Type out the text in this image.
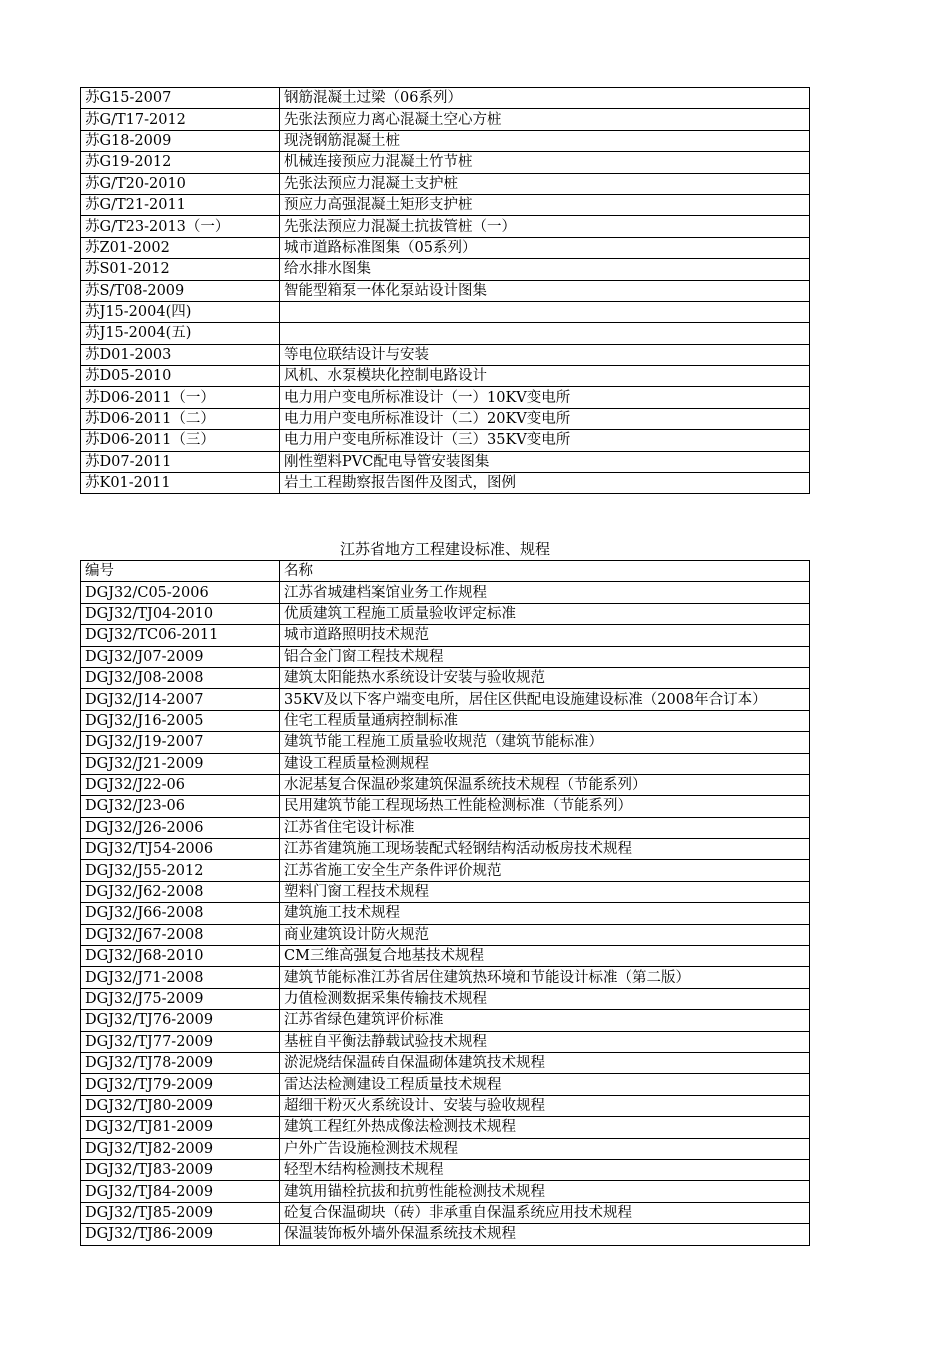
苏G15-2007	钢筋混凝土过梁（06系列）
苏G/T17-2012	先张法预应力离心混凝土空心方桩
苏G18-2009	现浇钢筋混凝土桩
苏G19-2012	机械连接预应力混凝土竹节桩
苏G/T20-2010	先张法预应力混凝土支护桩
苏G/T21-2011	预应力高强混凝土矩形支护桩
苏G/T23-2013（一）	先张法预应力混凝土抗拔管桩（一）
苏Z01-2002	城市道路标准图集（05系列）
苏S01-2012	给水排水图集
苏S/T08-2009	智能型箱泵一体化泵站设计图集
苏J15-2004(四)	
苏J15-2004(五)	
苏D01-2003	等电位联结设计与安装
苏D05-2010	风机、水泵模块化控制电路设计
苏D06-2011（一）	电力用户变电所标准设计（一）10KV变电所
苏D06-2011（二）	电力用户变电所标准设计（二）20KV变电所
苏D06-2011（三）	电力用户变电所标准设计（三）35KV变电所
苏D07-2011	刚性塑料PVC配电导管安装图集
苏K01-2011	岩土工程勘察报告图件及图式，图例
江苏省地方工程建设标准、规程
编号	名称
DGJ32/C05-2006	江苏省城建档案馆业务工作规程
DGJ32/TJ04-2010	优质建筑工程施工质量验收评定标准
DGJ32/TC06-2011	城市道路照明技术规范
DGJ32/J07-2009	铝合金门窗工程技术规程
DGJ32/J08-2008	建筑太阳能热水系统设计安装与验收规范
DGJ32/J14-2007	35KV及以下客户端变电所，居住区供配电设施建设标准（2008年合订本）
DGJ32/J16-2005	住宅工程质量通病控制标准
DGJ32/J19-2007	建筑节能工程施工质量验收规范（建筑节能标准）
DGJ32/J21-2009	建设工程质量检测规程
DGJ32/J22-06	水泥基复合保温砂浆建筑保温系统技术规程（节能系列）
DGJ32/J23-06	民用建筑节能工程现场热工性能检测标准（节能系列）
DGJ32/J26-2006	江苏省住宅设计标准
DGJ32/TJ54-2006	江苏省建筑施工现场装配式轻钢结构活动板房技术规程
DGJ32/J55-2012	江苏省施工安全生产条件评价规范
DGJ32/J62-2008	塑料门窗工程技术规程
DGJ32/J66-2008	建筑施工技术规程
DGJ32/J67-2008	商业建筑设计防火规范
DGJ32/J68-2010	CM三维高强复合地基技术规程
DGJ32/J71-2008	建筑节能标准江苏省居住建筑热环境和节能设计标准（第二版）
DGJ32/J75-2009	力值检测数据采集传输技术规程
DGJ32/TJ76-2009	江苏省绿色建筑评价标准
DGJ32/TJ77-2009	基桩自平衡法静载试验技术规程
DGJ32/TJ78-2009	淤泥烧结保温砖自保温砌体建筑技术规程
DGJ32/TJ79-2009	雷达法检测建设工程质量技术规程
DGJ32/TJ80-2009	超细干粉灭火系统设计、安装与验收规程
DGJ32/TJ81-2009	建筑工程红外热成像法检测技术规程
DGJ32/TJ82-2009	户外广告设施检测技术规程
DGJ32/TJ83-2009	轻型木结构检测技术规程
DGJ32/TJ84-2009	建筑用锚栓抗拔和抗剪性能检测技术规程
DGJ32/TJ85-2009	砼复合保温砌块（砖）非承重自保温系统应用技术规程
DGJ32/TJ86-2009	保温装饰板外墙外保温系统技术规程
